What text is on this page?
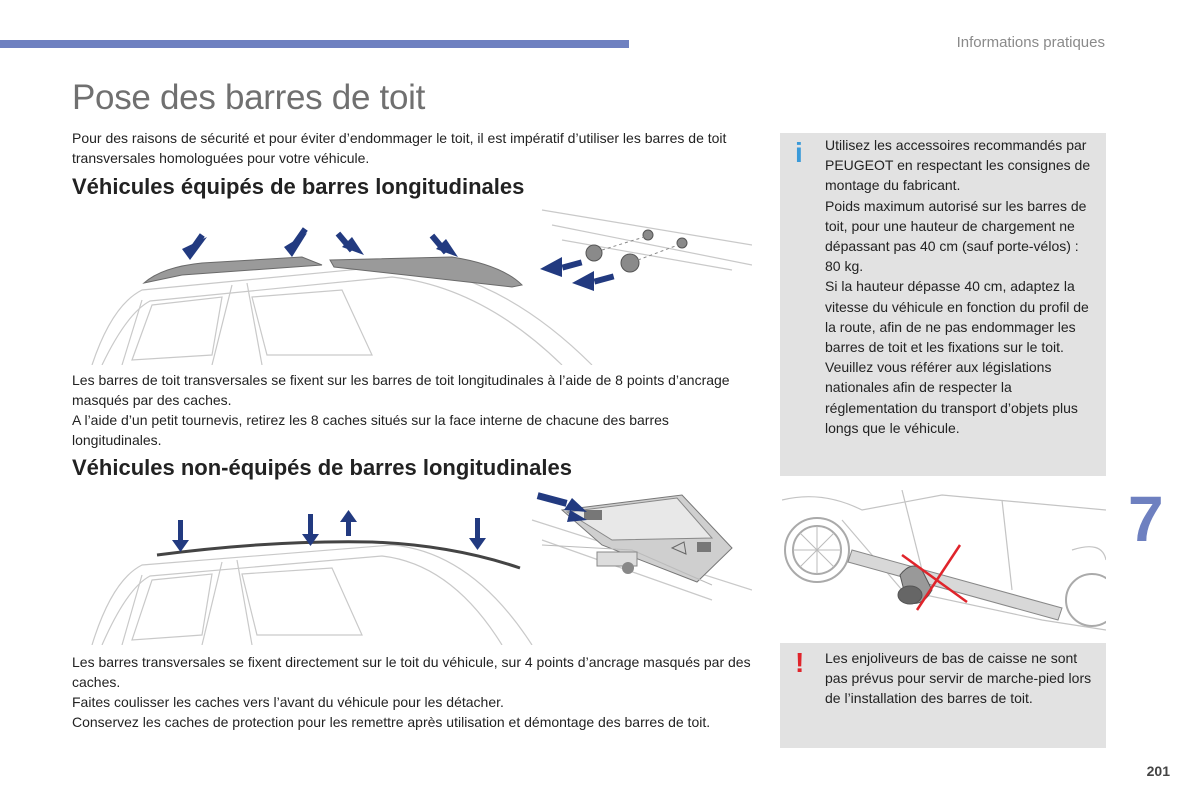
Informations pratiques
Pose des barres de toit

Pour des raisons de sécurité et pour éviter d’endommager le toit, il est impératif d’utiliser les barres de toit transversales homologuées pour votre véhicule.

Véhicules équipés de barres longitudinales

Les barres de toit transversales se fixent sur les barres de toit longitudinales à l’aide de 8 points d’ancrage masqués par des caches.

A l’aide d’un petit tournevis, retirez les 8 caches situés sur la face interne de chacune des barres longitudinales.

Véhicules non-équipés de barres longitudinales

Les barres transversales se fixent directement sur le toit du véhicule, sur 4 points d’ancrage masqués par des caches.

Faites coulisser les caches vers l’avant du véhicule pour les détacher.

Conservez les caches de protection pour les remettre après utilisation et démontage des barres de toit.

i Utilisez les accessoires recommandés par PEUGEOT en respectant les consignes de montage du fabricant.

Poids maximum autorisé sur les barres de toit, pour une hauteur de chargement ne dépassant pas 40 cm (sauf porte-vélos) : 80 kg.

Si la hauteur dépasse 40 cm, adaptez la vitesse du véhicule en fonction du profil de la route, afin de ne pas endommager les barres de toit et les fixations sur le toit.

Veuillez vous référer aux législations nationales afin de respecter la réglementation du transport d’objets plus longs que le véhicule.

! Les enjoliveurs de bas de caisse ne sont pas prévus pour servir de marche-pied lors de l’installation des barres de toit.
7
201
